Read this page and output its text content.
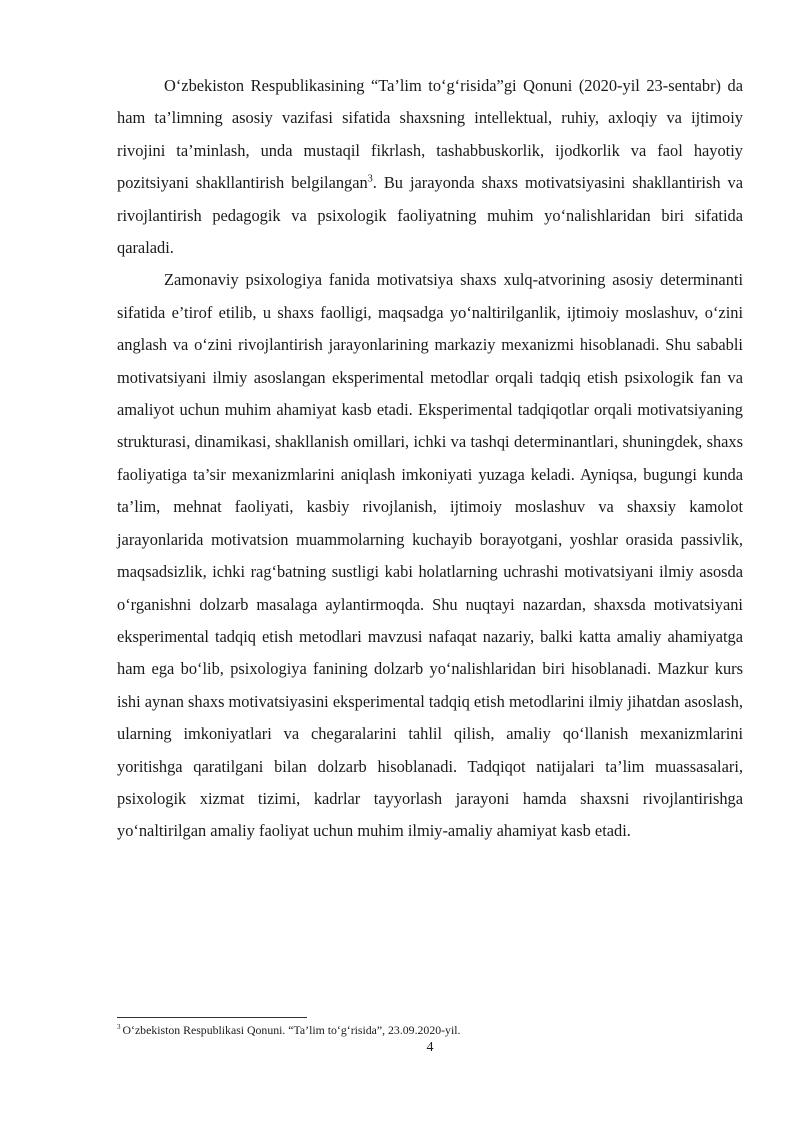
O‘zbekiston Respublikasining “Ta’lim to‘g‘risida”gi Qonuni (2020-yil 23-sentabr) da ham ta’limning asosiy vazifasi sifatida shaxsning intellektual, ruhiy, axloqiy va ijtimoiy rivojini ta’minlash, unda mustaqil fikrlash, tashabbuskorlik, ijodkorlik va faol hayotiy pozitsiyani shakllantirish belgilangan$^3$. Bu jarayonda shaxs motivatsiyasini shakllantirish va rivojlantirish pedagogik va psixologik faoliyatning muhim yo‘nalishlaridan biri sifatida qaraladi.

Zamonaviy psixologiya fanida motivatsiya shaxs xulq-atvorining asosiy determinanti sifatida e’tirof etilib, u shaxs faolligi, maqsadga yo‘naltirilganlik, ijtimoiy moslashuv, o‘zini anglash va o‘zini rivojlantirish jarayonlarining markaziy mexanizmi hisoblanadi. Shu sababli motivatsiyani ilmiy asoslangan eksperimental metodlar orqali tadqiq etish psixologik fan va amaliyot uchun muhim ahamiyat kasb etadi. Eksperimental tadqiqotlar orqali motivatsiyaning strukturasi, dinamikasi, shakllanish omillari, ichki va tashqi determinantlari, shuningdek, shaxs faoliyatiga ta’sir mexanizmlarini aniqlash imkoniyati yuzaga keladi. Ayniqsa, bugungi kunda ta’lim, mehnat faoliyati, kasbiy rivojlanish, ijtimoiy moslashuv va shaxsiy kamolot jarayonlarida motivatsion muammolarning kuchayib borayotgani, yoshlar orasida passivlik, maqsadsizlik, ichki rag‘batning sustligi kabi holatlarning uchrashi motivatsiyani ilmiy asosda o‘rganishni dolzarb masalaga aylantirmoqda. Shu nuqtayi nazardan, shaxsda motivatsiyani eksperimental tadqiq etish metodlari mavzusi nafaqat nazariy, balki katta amaliy ahamiyatga ham ega bo‘lib, psixologiya fanining dolzarb yo‘nalishlaridan biri hisoblanadi. Mazkur kurs ishi aynan shaxs motivatsiyasini eksperimental tadqiq etish metodlarini ilmiy jihatdan asoslash, ularning imkoniyatlari va chegaralarini tahlil qilish, amaliy qo‘llanish mexanizmlarini yoritishga qaratilgani bilan dolzarb hisoblanadi. Tadqiqot natijalari ta’lim muassasalari, psixologik xizmat tizimi, kadrlar tayyorlash jarayoni hamda shaxsni rivojlantirishga yo‘naltirilgan amaliy faoliyat uchun muhim ilmiy-amaliy ahamiyat kasb etadi.

$^3$ O‘zbekiston Respublikasi Qonuni. “Ta’lim to‘g‘risida”, 23.09.2020-yil.

4
